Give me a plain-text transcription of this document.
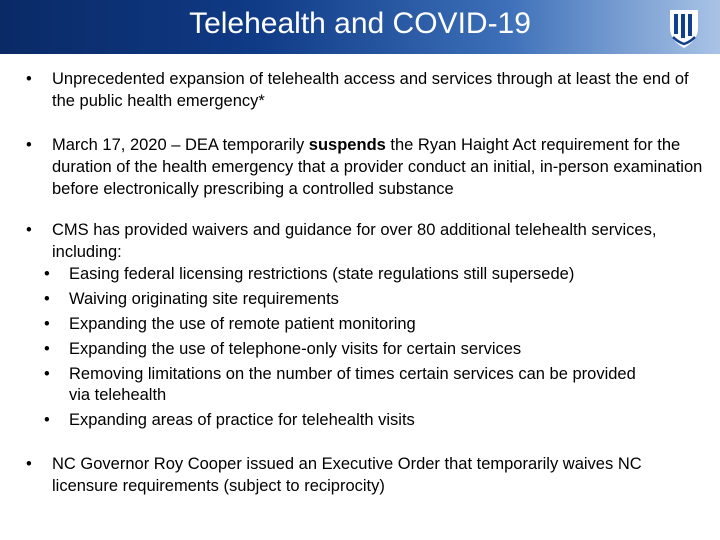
Telehealth and COVID-19
•	Unprecedented expansion of telehealth access and services through at least the end of the public health emergency*
•	March 17, 2020 – DEA temporarily suspends the Ryan Haight Act requirement for the duration of the health emergency that a provider conduct an initial, in-person examination before electronically prescribing a controlled substance
•	CMS has provided waivers and guidance for over 80 additional telehealth services, including:
•	Easing federal licensing restrictions (state regulations still supersede)
•	Waiving originating site requirements
•	Expanding the use of remote patient monitoring
•	Expanding the use of telephone-only visits for certain services
•	Removing limitations on the number of times certain services can be provided via telehealth
•	Expanding areas of practice for telehealth visits
•	NC Governor Roy Cooper issued an Executive Order that temporarily waives NC licensure requirements (subject to reciprocity)
